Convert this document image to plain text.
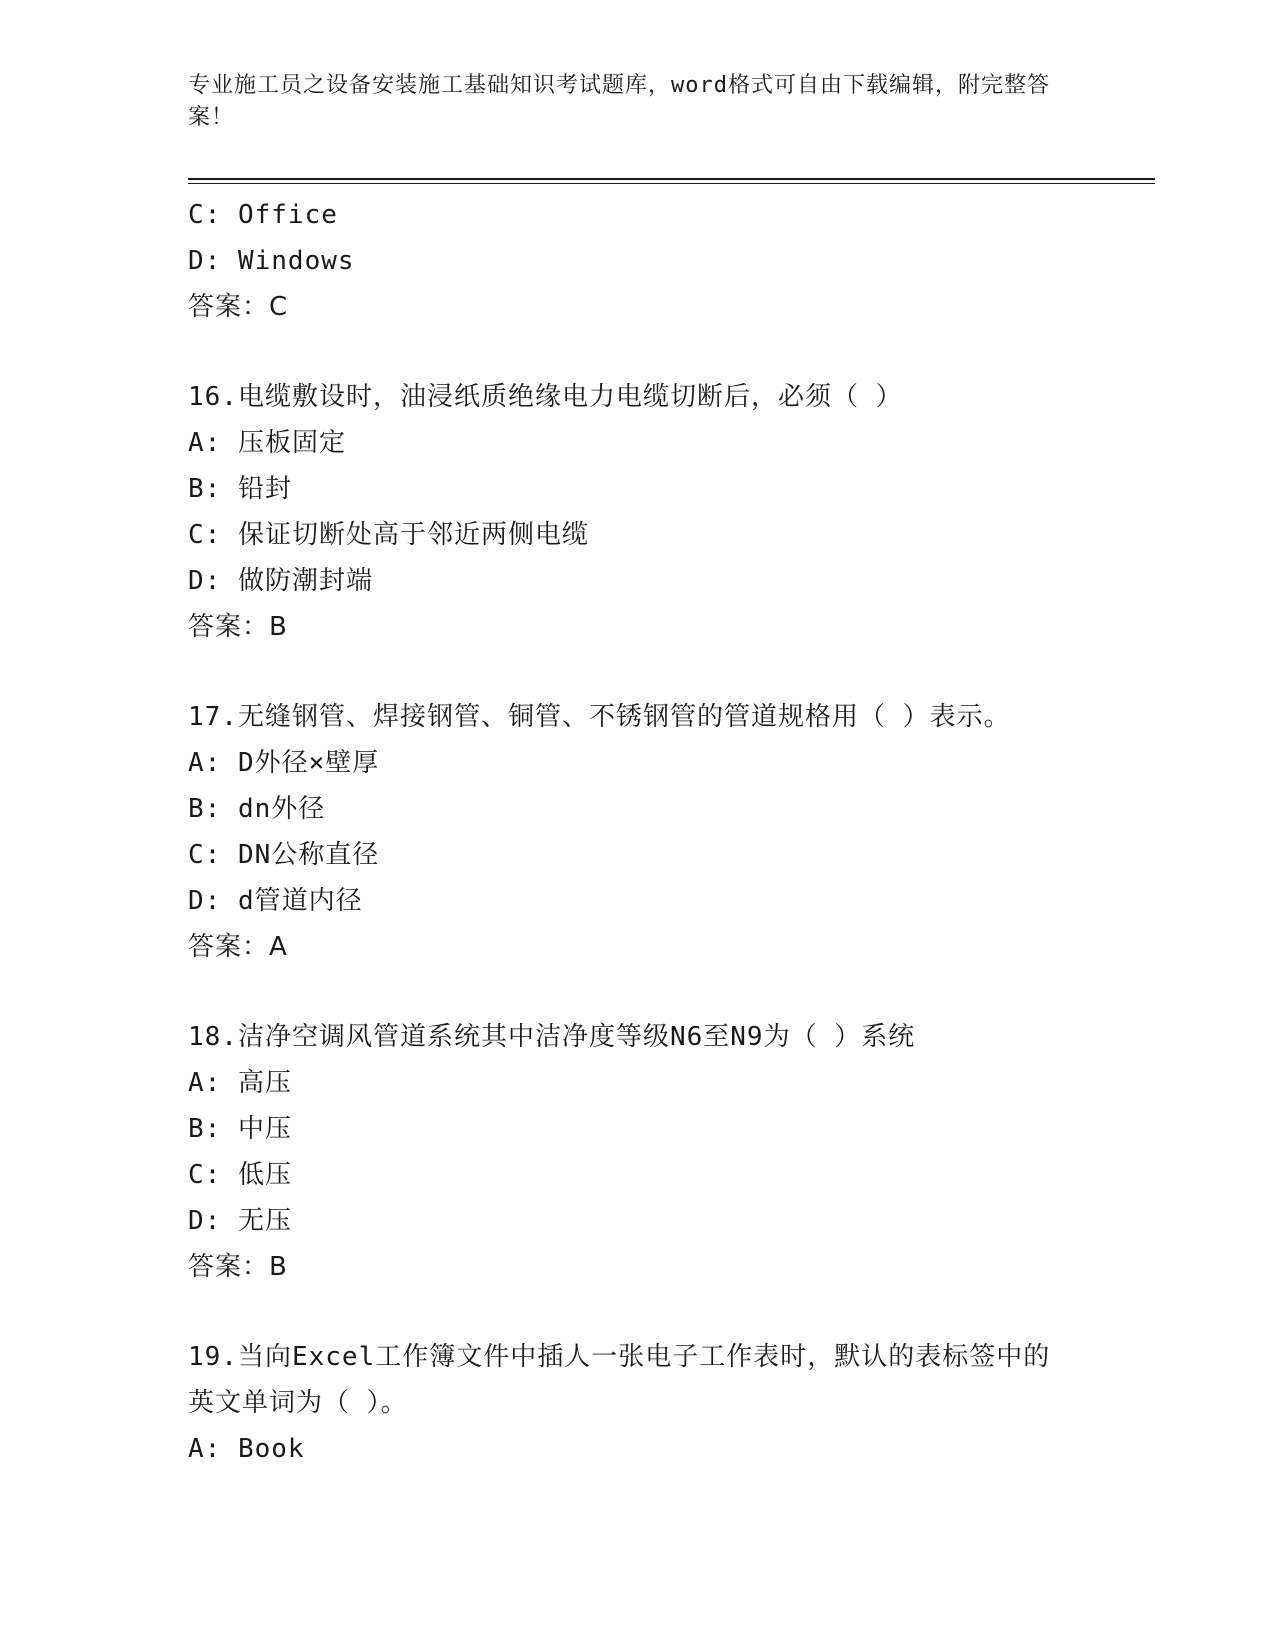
专业施工员之设备安装施工基础知识考试题库，word格式可自由下载编辑，附完整答案！
C: Office
D: Windows
答案：C
16.电缆敷设时，油浸纸质绝缘电力电缆切断后，必须（ ）
A: 压板固定
B: 铅封
C: 保证切断处高于邻近两侧电缆
D: 做防潮封端
答案：B
17.无缝钢管、焊接钢管、铜管、不锈钢管的管道规格用（ ）表示。
A: D外径×壁厚
B: dn外径
C: DN公称直径
D: d管道内径
答案：A
18.洁净空调风管道系统其中洁净度等级N6至N9为（ ）系统
A: 高压
B: 中压
C: 低压
D: 无压
答案：B
19.当向Excel工作簿文件中插人一张电子工作表时，默认的表标签中的英文单词为（ ）。
A: Book
